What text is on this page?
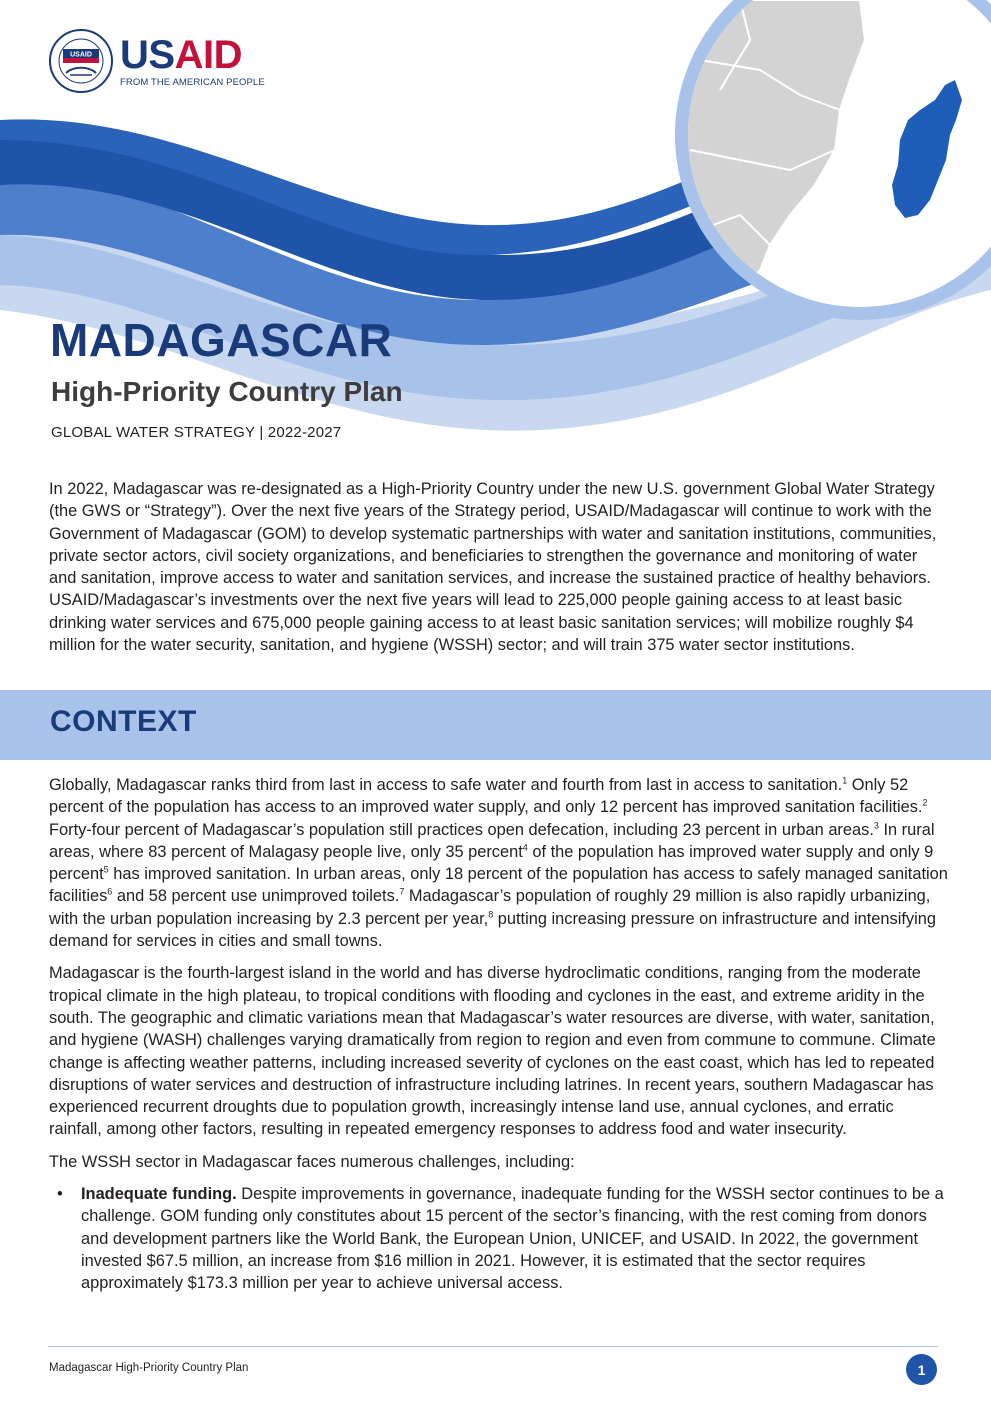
USAID USAID
FROM THE AMERICAN PEOPLE
MADAGASCAR
High-Priority Country Plan
GLOBAL WATER STRATEGY | 2022-2027

In 2022, Madagascar was re-designated as a High-Priority Country under the new U.S. government Global Water Strategy (the GWS or “Strategy”). Over the next five years of the Strategy period, USAID/Madagascar will continue to work with the Government of Madagascar (GOM) to develop systematic partnerships with water and sanitation institutions, communities, private sector actors, civil society organizations, and beneficiaries to strengthen the governance and monitoring of water and sanitation, improve access to water and sanitation services, and increase the sustained practice of healthy behaviors. USAID/Madagascar’s investments over the next five years will lead to 225,000 people gaining access to at least basic drinking water services and 675,000 people gaining access to at least basic sanitation services; will mobilize roughly $4 million for the water security, sanitation, and hygiene (WSSH) sector; and will train 375 water sector institutions.

CONTEXT

Globally, Madagascar ranks third from last in access to safe water and fourth from last in access to sanitation.$^1$ Only 52 percent of the population has access to an improved water supply, and only 12 percent has improved sanitation facilities.$^2$ Forty-four percent of Madagascar’s population still practices open defecation, including 23 percent in urban areas.$^3$ In rural areas, where 83 percent of Malagasy people live, only 35 percent$^4$ of the population has improved water supply and only 9 percent$^5$ has improved sanitation. In urban areas, only 18 percent of the population has access to safely managed sanitation facilities$^6$ and 58 percent use unimproved toilets.$^7$ Madagascar’s population of roughly 29 million is also rapidly urbanizing, with the urban population increasing by 2.3 percent per year,$^8$ putting increasing pressure on infrastructure and intensifying demand for services in cities and small towns.

Madagascar is the fourth-largest island in the world and has diverse hydroclimatic conditions, ranging from the moderate tropical climate in the high plateau, to tropical conditions with flooding and cyclones in the east, and extreme aridity in the south. The geographic and climatic variations mean that Madagascar’s water resources are diverse, with water, sanitation, and hygiene (WASH) challenges varying dramatically from region to region and even from commune to commune. Climate change is affecting weather patterns, including increased severity of cyclones on the east coast, which has led to repeated disruptions of water services and destruction of infrastructure including latrines. In recent years, southern Madagascar has experienced recurrent droughts due to population growth, increasingly intense land use, annual cyclones, and erratic rainfall, among other factors, resulting in repeated emergency responses to address food and water insecurity.

The WSSH sector in Madagascar faces numerous challenges, including:

• Inadequate funding. Despite improvements in governance, inadequate funding for the WSSH sector continues to be a challenge. GOM funding only constitutes about 15 percent of the sector’s financing, with the rest coming from donors and development partners like the World Bank, the European Union, UNICEF, and USAID. In 2022, the government invested $67.5 million, an increase from $16 million in 2021. However, it is estimated that the sector requires approximately $173.3 million per year to achieve universal access.
Madagascar High-Priority Country Plan	1
